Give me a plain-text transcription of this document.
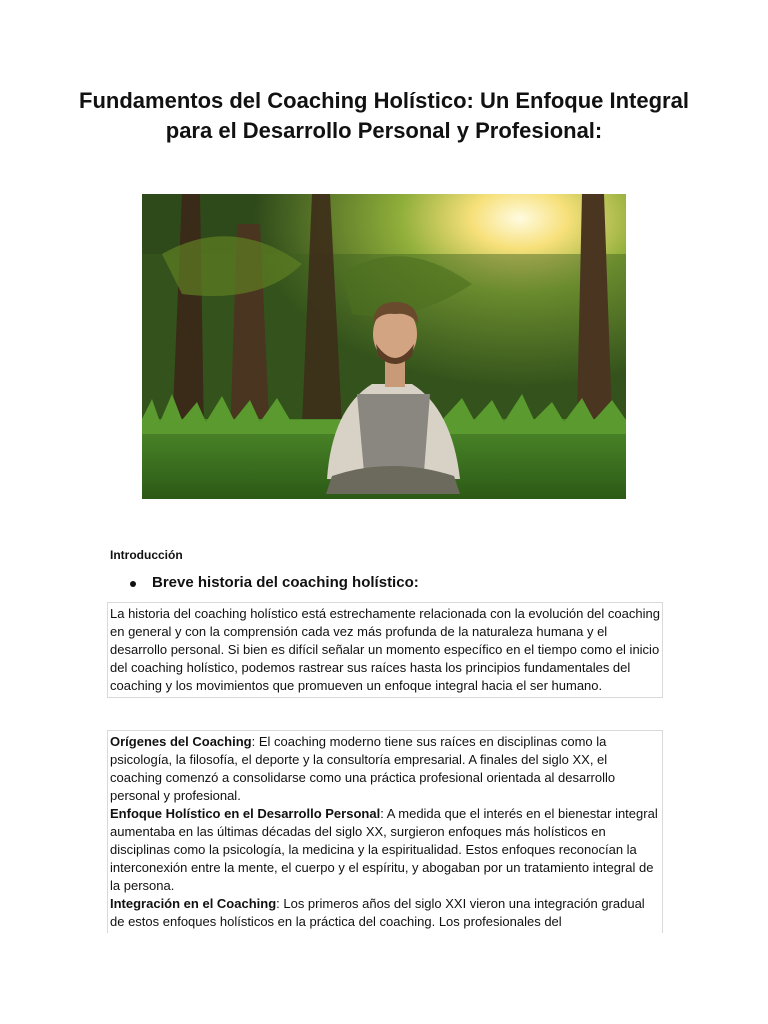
Fundamentos del Coaching Holístico: Un Enfoque Integral para el Desarrollo Personal y Profesional:
Introducción
Breve historia del coaching holístico:
La historia del coaching holístico está estrechamente relacionada con la evolución del coaching en general y con la comprensión cada vez más profunda de la naturaleza humana y el desarrollo personal. Si bien es difícil señalar un momento específico en el tiempo como el inicio del coaching holístico, podemos rastrear sus raíces hasta los principios fundamentales del coaching y los movimientos que promueven un enfoque integral hacia el ser humano.

Orígenes del Coaching: El coaching moderno tiene sus raíces en disciplinas como la psicología, la filosofía, el deporte y la consultoría empresarial. A finales del siglo XX, el coaching comenzó a consolidarse como una práctica profesional orientada al desarrollo personal y profesional.

Enfoque Holístico en el Desarrollo Personal: A medida que el interés en el bienestar integral aumentaba en las últimas décadas del siglo XX, surgieron enfoques más holísticos en disciplinas como la psicología, la medicina y la espiritualidad. Estos enfoques reconocían la interconexión entre la mente, el cuerpo y el espíritu, y abogaban por un tratamiento integral de la persona.

Integración en el Coaching: Los primeros años del siglo XXI vieron una integración gradual de estos enfoques holísticos en la práctica del coaching. Los profesionales del
